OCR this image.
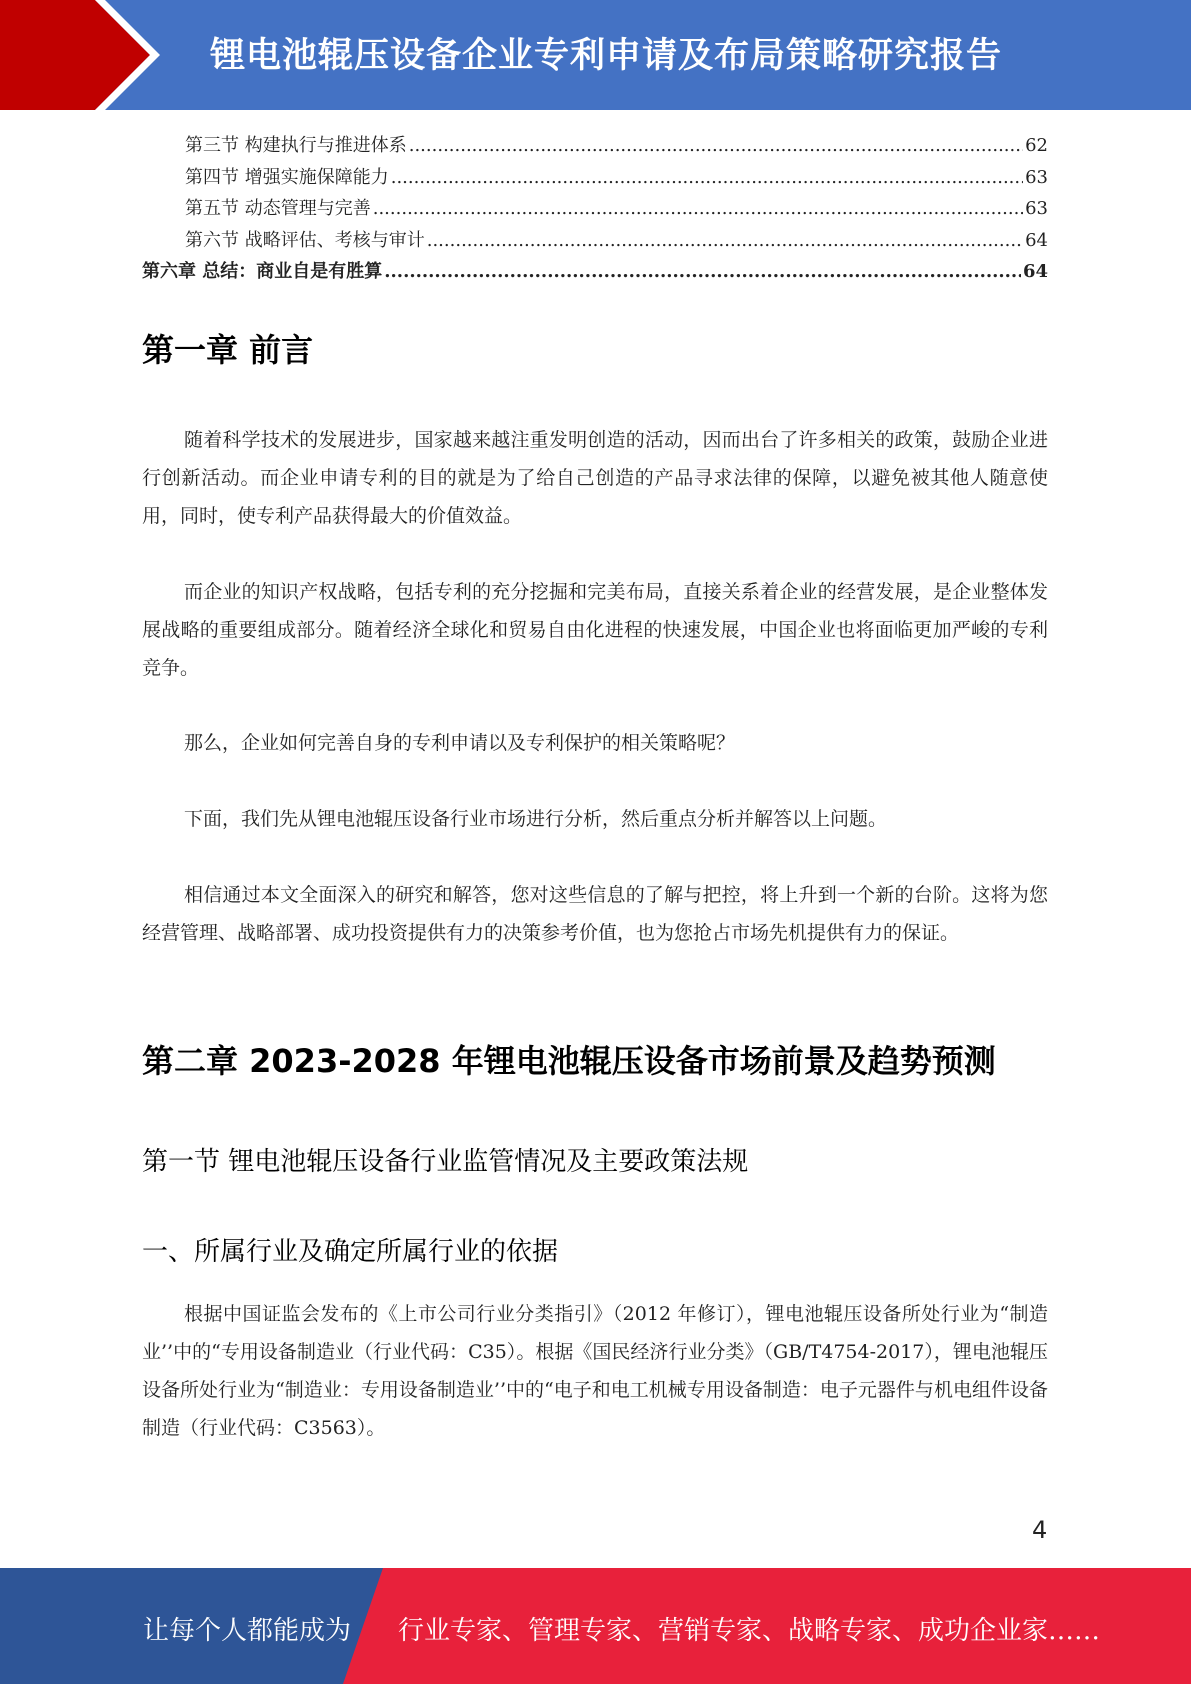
锂电池辊压设备企业专利申请及布局策略研究报告
第三节 构建执行与推进体系 .....	62
第四节 增强实施保障能力 .....	63
第五节 动态管理与完善 .....	63
第六节 战略评估、考核与审计 .....	64
第六章 总结：商业自是有胜算 .....	64
第一章 前言

随着科学技术的发展进步，国家越来越注重发明创造的活动，因而出台了许多相关的政策，鼓励企业进行创新活动。而企业申请专利的目的就是为了给自己创造的产品寻求法律的保障，以避免被其他人随意使用，同时，使专利产品获得最大的价值效益。

而企业的知识产权战略，包括专利的充分挖掘和完美布局，直接关系着企业的经营发展，是企业整体发展战略的重要组成部分。随着经济全球化和贸易自由化进程的快速发展，中国企业也将面临更加严峻的专利竞争。

那么，企业如何完善自身的专利申请以及专利保护的相关策略呢？

下面，我们先从锂电池辊压设备行业市场进行分析，然后重点分析并解答以上问题。

相信通过本文全面深入的研究和解答，您对这些信息的了解与把控，将上升到一个新的台阶。这将为您经营管理、战略部署、成功投资提供有力的决策参考价值，也为您抢占市场先机提供有力的保证。

第二章 2023-2028 年锂电池辊压设备市场前景及趋势预测
第一节 锂电池辊压设备行业监管情况及主要政策法规
一、所属行业及确定所属行业的依据

根据中国证监会发布的《上市公司行业分类指引》（2012 年修订），锂电池辊压设备所处行业为“制造业’’中的“专用设备制造业（行业代码：C35）。根据《国民经济行业分类》（GB/T4754-2017），锂电池辊压设备所处行业为“制造业：专用设备制造业’’中的“电子和电工机械专用设备制造：电子元器件与机电组件设备制造（行业代码：C3563）。

4
让每个人都能成为 行业专家、管理专家、营销专家、战略专家、成功企业家……
